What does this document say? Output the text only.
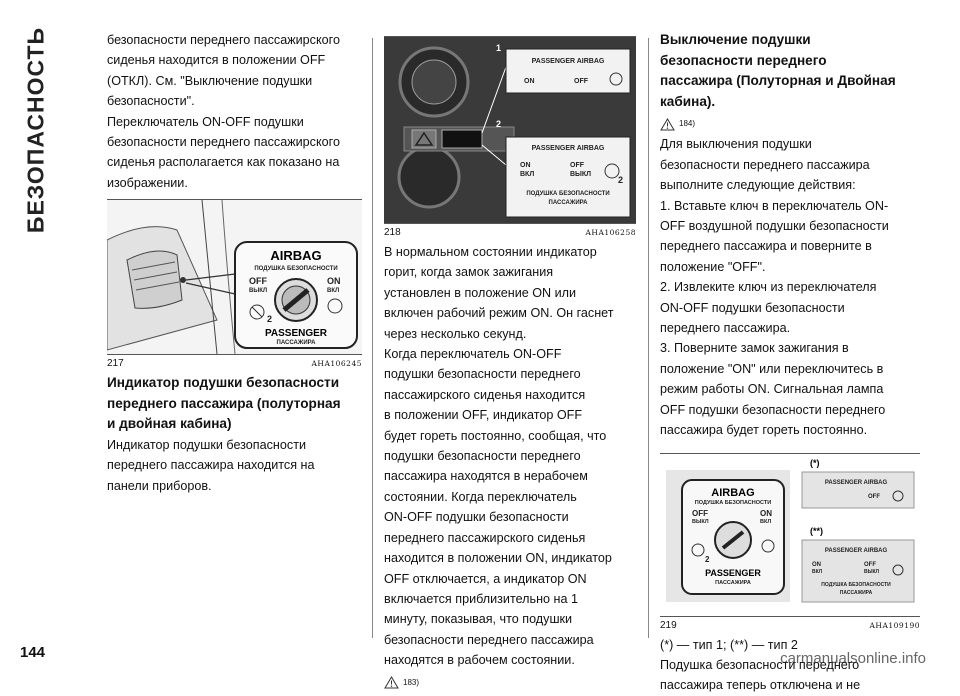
БЕЗОПАСНОСТЬ
144	carmanualsonline.info

безопасности переднего пассажирского

сиденья находится в положении OFF

(ОТКЛ). См. "Выключение подушки

безопасности".

Переключатель ON-OFF подушки

безопасности переднего пассажирского

сиденья располагается как показано на

изображении.

AIRBAG
ПОДУШКА БЕЗОПАСНОСТИ
OFF
ВЫКЛ
ON
ВКЛ
2
PASSENGER
ПАССАЖИРА
217	AHA106245

Индикатор подушки безопасности

переднего пассажира (полуторная

и двойная кабина)

Индикатор подушки безопасности

переднего пассажира находится на

панели приборов.

1
PASSENGER AIRBAG
ON	OFF
2
PASSENGER AIRBAG
ON
ВКЛ
OFF
ВЫКЛ
2
ПОДУШКА БЕЗОПАСНОСТИ
ПАССАЖИРА
218	AHA106258

В нормальном состоянии индикатор

горит, когда замок зажигания

установлен в положение ON или

включен рабочий режим ON. Он гаснет

через несколько секунд.

Когда переключатель ON-OFF

подушки безопасности переднего

пассажирского сиденья находится

в положении OFF, индикатор OFF

будет гореть постоянно, сообщая, что

подушки безопасности переднего

пассажира находятся в нерабочем

состоянии. Когда переключатель

ON-OFF подушки безопасности

переднего пассажирского сиденья

находится в положении ON, индикатор

OFF отключается, а индикатор ON

включается приблизительно на 1

минуту, показывая, что подушки

безопасности переднего пассажира

находятся в рабочем состоянии.

183)

Выключение подушки

безопасности переднего

пассажира (Полуторная и Двойная

кабина).

184)

Для выключения подушки

безопасности переднего пассажира

выполните следующие действия:

1. Вставьте ключ в переключатель ON-

OFF воздушной подушки безопасности

переднего пассажира и поверните в

положение "OFF".

2. Извлеките ключ из переключателя

ON-OFF подушки безопасности

переднего пассажира.

3. Поверните замок зажигания в

положение "ON" или переключитесь в

режим работы ON. Сигнальная лампа

OFF подушки безопасности переднего

пассажира будет гореть постоянно.

AIRBAG
ПОДУШКА БЕЗОПАСНОСТИ
OFF
ВЫКЛ
ON
ВКЛ
2
PASSENGER
ПАССАЖИРА
(*)
PASSENGER AIRBAG
OFF
(**)
PASSENGER AIRBAG
ON
ВКЛ
OFF
ВЫКЛ
ПОДУШКА БЕЗОПАСНОСТИ
ПАССАЖИРА
219	AHA109190

(*) — тип 1; (**) — тип 2

Подушка безопасности переднего

пассажира теперь отключена и не
